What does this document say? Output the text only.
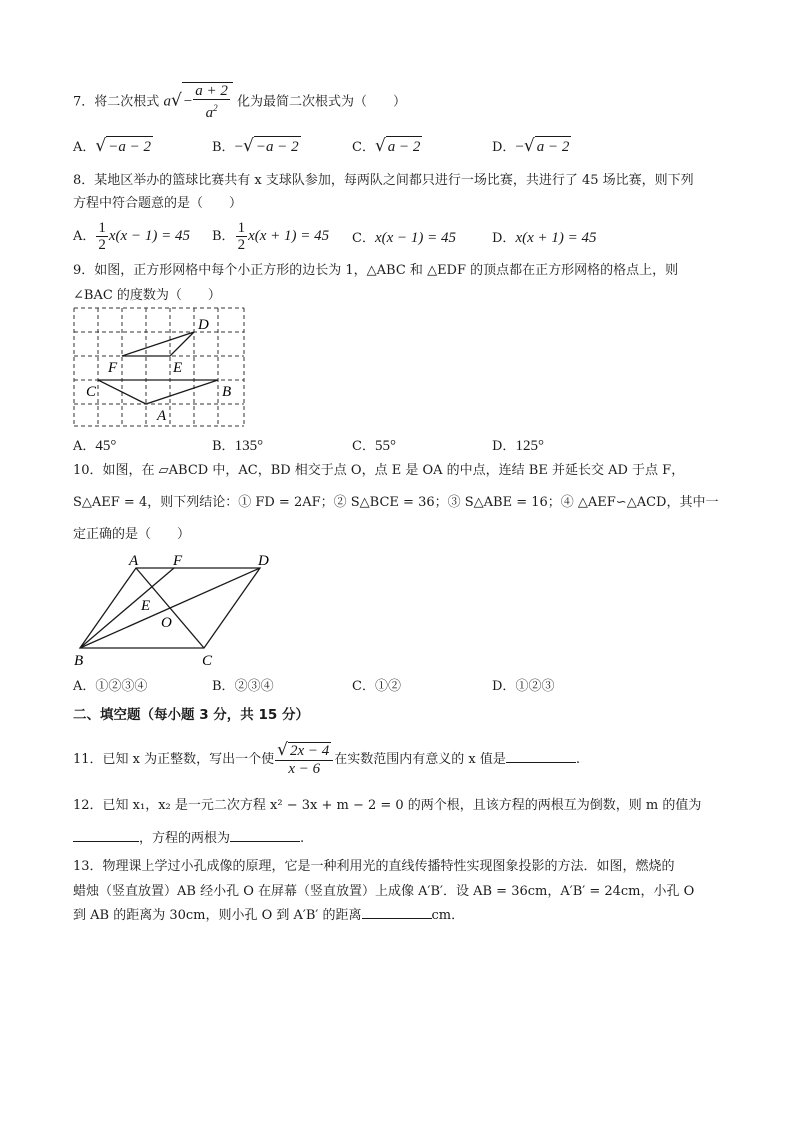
7．将二次根式 $a√ - \frac{a + 2}{a^2}$ 化为最简二次根式为（　　）
A．√ −a − 2	B．−√ −a − 2	C．√ a − 2	D．−√ a − 2
8．某地区举办的篮球比赛共有 x 支球队参加，每两队之间都只进行一场比赛，共进行了 45 场比赛，则下列
方程中符合题意的是（　　）
A． $\frac{1}{2} x(x - 1) = 45$ B． $\frac{1}{2} x(x + 1) = 45$ C．x(x − 1) = 45	D．x(x + 1) = 45
9．如图，正方形网格中每个小正方形的边长为 1，△ABC 和 △EDF 的顶点都在正方形网格的格点上，则
∠BAC 的度数为（　　）
D
F	E
C	B
A
A．45°	B．135°	C．55°	D．125°
10．如图，在 ▱ABCD 中，AC，BD 相交于点 O，点 E 是 OA 的中点，连结 BE 并延长交 AD 于点 F，
S△AEF = 4，则下列结论：① FD = 2AF；② S△BCE = 36；③ S△ABE = 16；④ △AEF∽△ACD，其中一
定正确的是（　　）
A F	D
E
O
B	C
A．①②③④	B．②③④	C．①②	D．①②③
二、填空题（每小题 3 分，共 15 分）
11．已知 x 为正整数，写出一个使 $\frac{√ 2x - 4}{x - 6}$ 在实数范围内有意义的 x 值是	.
12．已知 x₁，x₂ 是一元二次方程 x² − 3x + m − 2 = 0 的两个根，且该方程的两根互为倒数，则 m 的值为
，方程的两根为	.
13．物理课上学过小孔成像的原理，它是一种利用光的直线传播特性实现图象投影的方法．如图，燃烧的
蜡烛（竖直放置）AB 经小孔 O 在屏幕（竖直放置）上成像 A′B′．设 AB = 36cm，A′B′ = 24cm，小孔 O
到 AB 的距离为 30cm，则小孔 O 到 A′B′ 的距离	cm．
